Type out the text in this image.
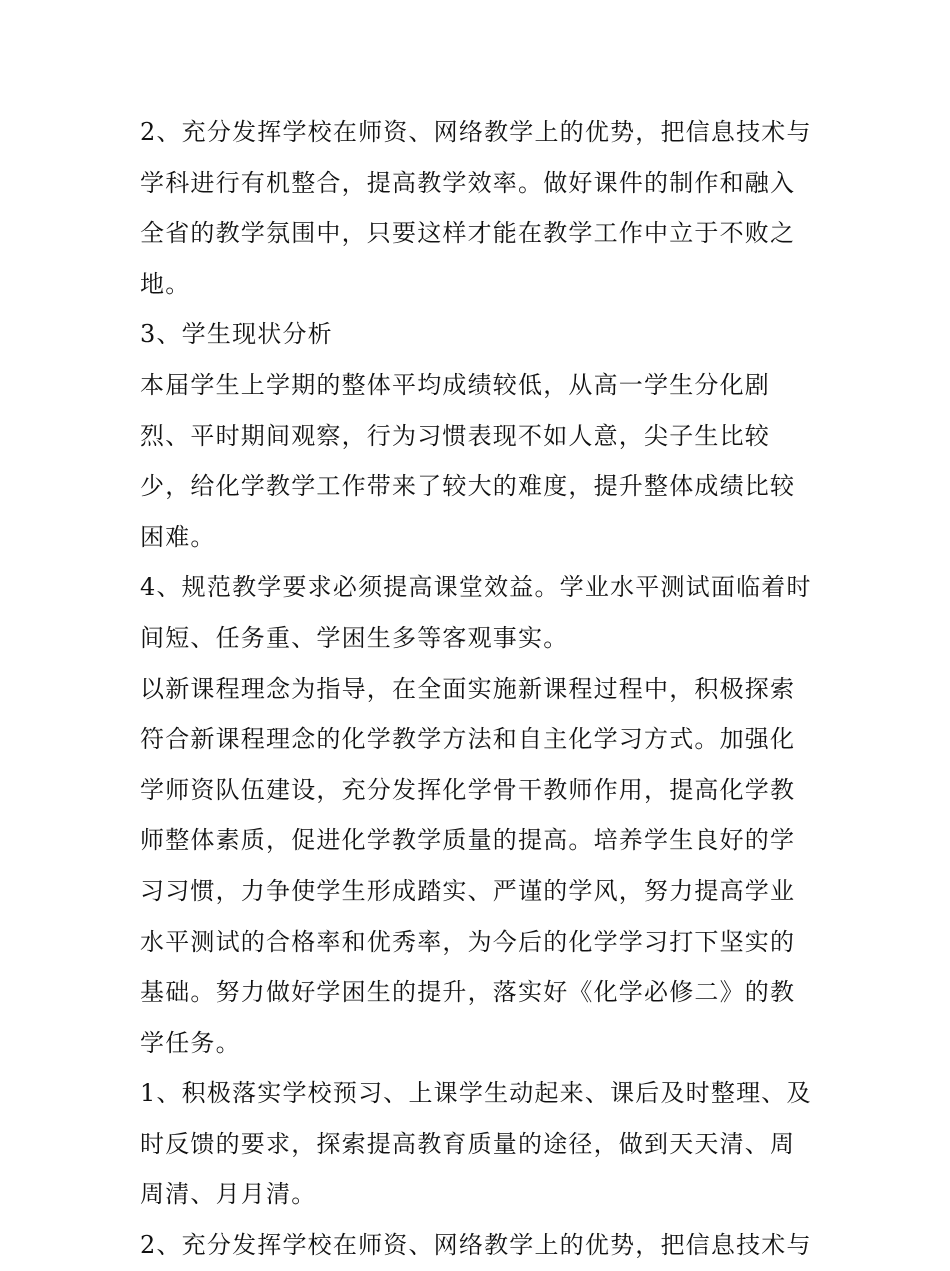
2、充分发挥学校在师资、网络教学上的优势，把信息技术与学科进行有机整合，提高教学效率。做好课件的制作和融入全省的教学氛围中，只要这样才能在教学工作中立于不败之地。

3、学生现状分析

本届学生上学期的整体平均成绩较低，从高一学生分化剧烈、平时期间观察，行为习惯表现不如人意，尖子生比较少，给化学教学工作带来了较大的难度，提升整体成绩比较困难。

4、规范教学要求必须提高课堂效益。学业水平测试面临着时间短、任务重、学困生多等客观事实。

以新课程理念为指导，在全面实施新课程过程中，积极探索符合新课程理念的化学教学方法和自主化学习方式。加强化学师资队伍建设，充分发挥化学骨干教师作用，提高化学教师整体素质，促进化学教学质量的提高。培养学生良好的学习习惯，力争使学生形成踏实、严谨的学风，努力提高学业水平测试的合格率和优秀率，为今后的化学学习打下坚实的基础。努力做好学困生的提升，落实好《化学必修二》的教学任务。

1、积极落实学校预习、上课学生动起来、课后及时整理、及时反馈的要求，探索提高教育质量的途径，做到天天清、周周清、月月清。

2、充分发挥学校在师资、网络教学上的优势，把信息技术与
